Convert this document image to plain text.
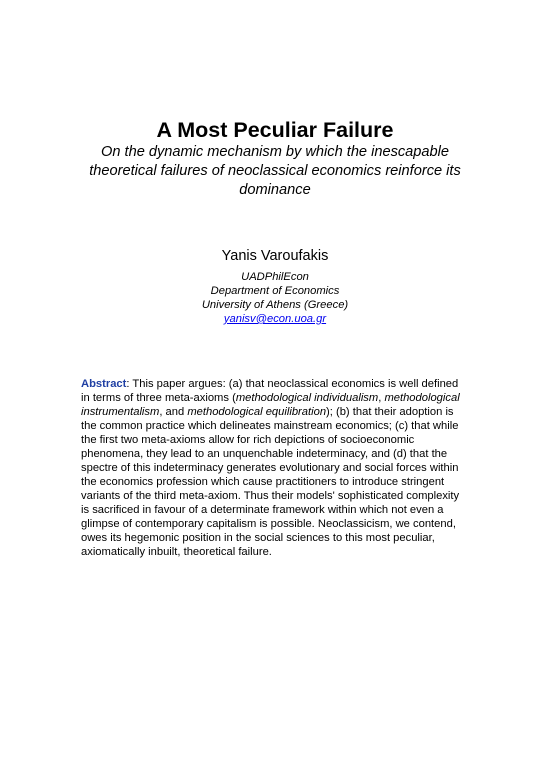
A Most Peculiar Failure
On the dynamic mechanism by which the inescapable
theoretical failures of neoclassical economics reinforce its
dominance
Yanis Varoufakis
UADPhilEcon
Department of Economics
University of Athens (Greece)
yanisv@econ.uoa.gr
Abstract: This paper argues: (a) that neoclassical economics is well defined
in terms of three meta-axioms (methodological individualism, methodological
instrumentalism, and methodological equilibration); (b) that their adoption is
the common practice which delineates mainstream economics; (c) that while
the first two meta-axioms allow for rich depictions of socioeconomic
phenomena, they lead to an unquenchable indeterminacy, and (d) that the
spectre of this indeterminacy generates evolutionary and social forces within
the economics profession which cause practitioners to introduce stringent
variants of the third meta-axiom. Thus their models' sophisticated complexity
is sacrificed in favour of a determinate framework within which not even a
glimpse of contemporary capitalism is possible. Neoclassicism, we contend,
owes its hegemonic position in the social sciences to this most peculiar,
axiomatically inbuilt, theoretical failure.
